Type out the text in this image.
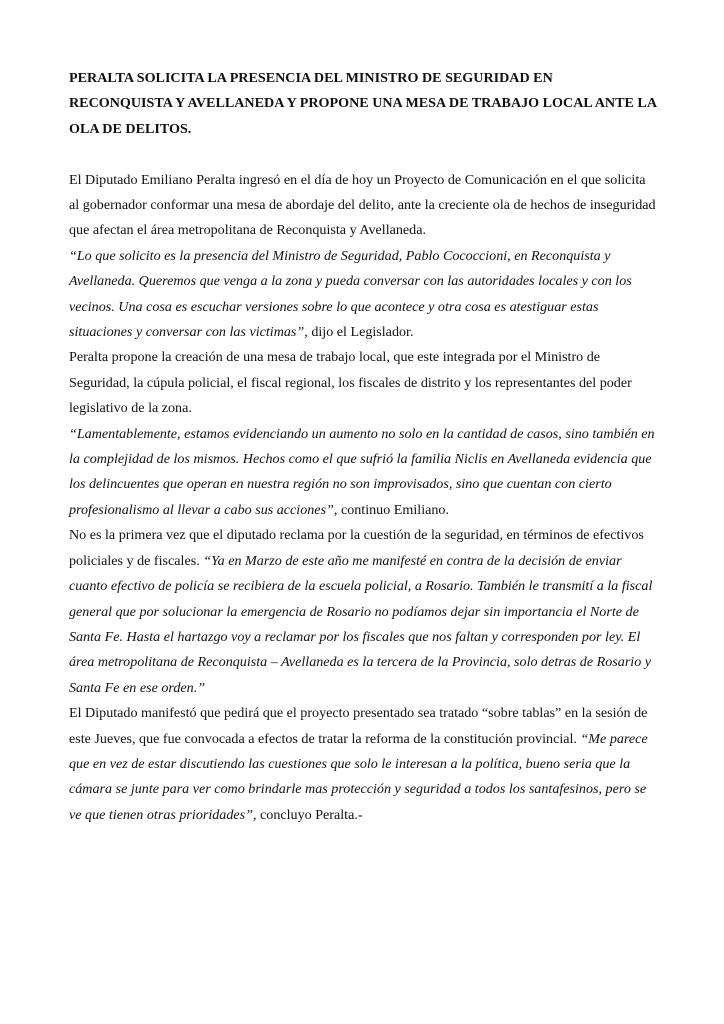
PERALTA SOLICITA LA PRESENCIA DEL MINISTRO DE SEGURIDAD EN RECONQUISTA Y AVELLANEDA Y PROPONE UNA MESA DE TRABAJO LOCAL ANTE LA OLA DE DELITOS.

El Diputado Emiliano Peralta ingresó en el día de hoy un Proyecto de Comunicación en el que solicita al gobernador conformar una mesa de abordaje del delito, ante la creciente ola de hechos de inseguridad que afectan el área metropolitana de Reconquista y Avellaneda.

“Lo que solicito es la presencia del Ministro de Seguridad, Pablo Cococcioni, en Reconquista y Avellaneda. Queremos que venga a la zona y pueda conversar con las autoridades locales y con los vecinos. Una cosa es escuchar versiones sobre lo que acontece y otra cosa es atestiguar estas situaciones y conversar con las victimas”, dijo el Legislador.

Peralta propone la creación de una mesa de trabajo local, que este integrada por el Ministro de Seguridad, la cúpula policial, el fiscal regional, los fiscales de distrito y los representantes del poder legislativo de la zona.

“Lamentablemente, estamos evidenciando un aumento no solo en la cantidad de casos, sino también en la complejidad de los mismos. Hechos como el que sufrió la familia Niclis en Avellaneda evidencia que los delincuentes que operan en nuestra región no son improvisados, sino que cuentan con cierto profesionalismo al llevar a cabo sus acciones”, continuo Emiliano.

No es la primera vez que el diputado reclama por la cuestión de la seguridad, en términos de efectivos policiales y de fiscales. “Ya en Marzo de este año me manifesté en contra de la decisión de enviar cuanto efectivo de policía se recibiera de la escuela policial, a Rosario. También le transmití a la fiscal general que por solucionar la emergencia de Rosario no podíamos dejar sin importancia el Norte de Santa Fe. Hasta el hartazgo voy a reclamar por los fiscales que nos faltan y corresponden por ley. El área metropolitana de Reconquista – Avellaneda es la tercera de la Provincia, solo detras de Rosario y Santa Fe en ese orden.”

El Diputado manifestó que pedirá que el proyecto presentado sea tratado “sobre tablas” en la sesión de este Jueves, que fue convocada a efectos de tratar la reforma de la constitución provincial. “Me parece que en vez de estar discutiendo las cuestiones que solo le interesan a la política, bueno seria que la cámara se junte para ver como brindarle mas protección y seguridad a todos los santafesinos, pero se ve que tienen otras prioridades”, concluyo Peralta.-
